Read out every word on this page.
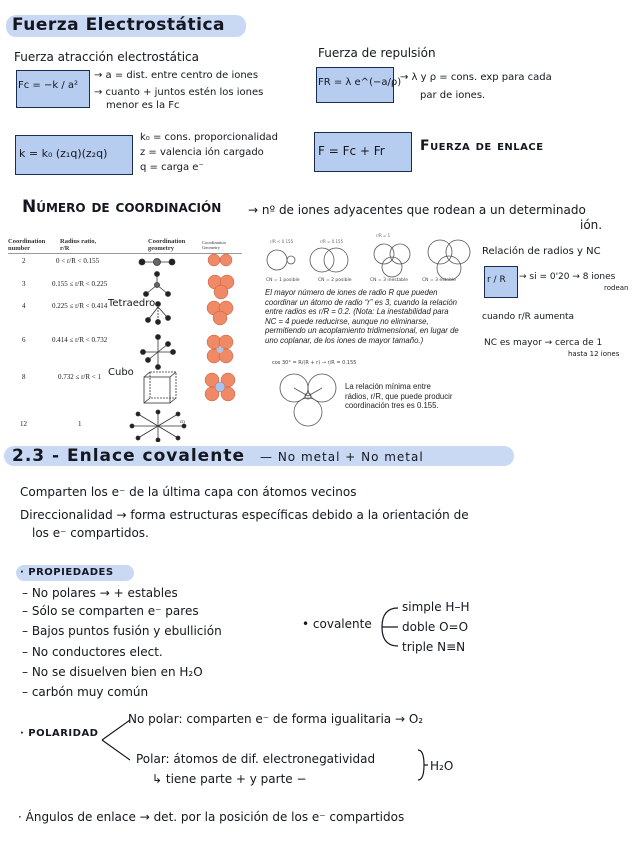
Fuerza Electrostática
Fuerza atracción electrostática
Fc = −k / a²
→ a = dist. entre centro de iones
→ cuanto + juntos estén los iones
menor es la Fc
Fuerza de repulsión
FR = λ e^(−a/ρ)
→ λ y ρ = cons. exp para cada
par de iones.
k = k₀ (z₁q)(z₂q)
k₀ = cons. proporcionalidad
z = valencia ión cargado
q = carga e⁻
F = Fc + Fr	Fuerza de enlace
Número de coordinación → nº de iones adyacentes que rodean a un determinado
ión.
Coordination number
Radius ratio, r/R
Coordination geometry
Coordination Geometry
2	0 < r/R < 0.155
3	0.155 ≤ r/R < 0.225
4	0.225 ≤ r/R < 0.414 Tetraedro
6	0.414 ≤ r/R < 0.732
8	0.732 ≤ r/R < 1 Cubo
12	1	cn
r/R < 0.155	r/R = 0.155
r/R = 1
CN = 1 posible	CN = 2 posible	CN = 3 inestable	CN = 3 estable
El mayor número de iones de radio R que pueden coordinar un átomo de radio “r” es 3, cuando la relación entre radios es r/R = 0.2. (Nota: La inestabilidad para NC = 4 puede reducirse, aunque no eliminarse, permitiendo un acoplamiento tridimensional, en lugar de uno coplanar, de los iones de mayor tamaño.)
cos 30° = R/(R + r) → r/R = 0.155
La relación mínima entre rádios, r/R, que puede producir coordinación tres es 0.155.
Relación de radios y NC
r / R → si = 0'20 → 8 iones
rodean
cuando r/R aumenta
NC es mayor → cerca de 1
hasta 12 iones
2.3 - Enlace covalente — No metal + No metal
Comparten los e⁻ de la última capa con átomos vecinos
Direccionalidad → forma estructuras específicas debido a la orientación de
los e⁻ compartidos.
· PROPIEDADES
– No polares → + estables
– Sólo se comparten e⁻ pares
– Bajos puntos fusión y ebullición
– No conductores elect.
– No se disuelven bien en H₂O
– carbón muy común
• covalente
simple H–H
doble O=O
triple N≡N
· POLARIDAD
No polar: comparten e⁻ de forma igualitaria → O₂
Polar: átomos de dif. electronegatividad
↳ tiene parte + y parte −
H₂O
· Ángulos de enlace → det. por la posición de los e⁻ compartidos
